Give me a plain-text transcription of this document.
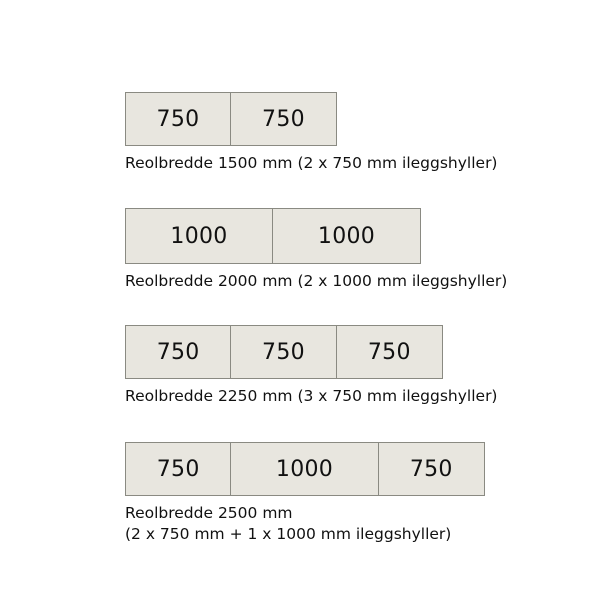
750	750
Reolbredde 1500 mm (2 x 750 mm ileggshyller)
1000	1000
Reolbredde 2000 mm (2 x 1000 mm ileggshyller)
750	750	750
Reolbredde 2250 mm (3 x 750 mm ileggshyller)
750	1000	750
Reolbredde 2500 mm
(2 x 750 mm + 1 x 1000 mm ileggshyller)
